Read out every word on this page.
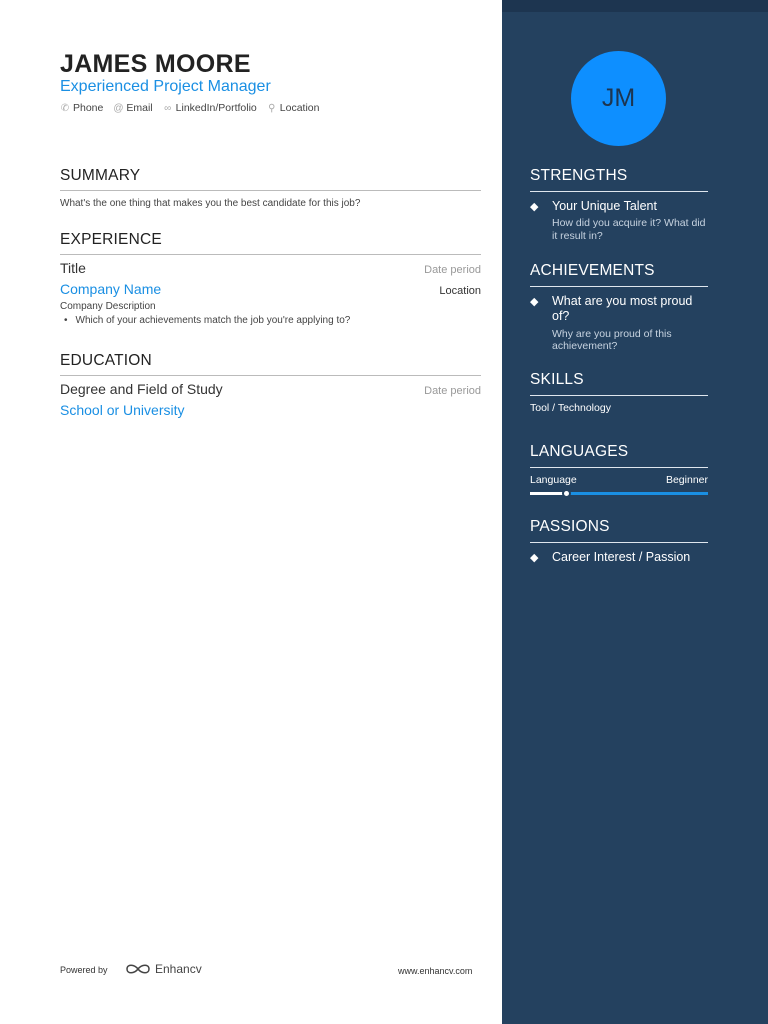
JAMES MOORE
Experienced Project Manager
✆ Phone @ Email ∞ LinkedIn/Portfolio ⚲ Location
SUMMARY
What's the one thing that makes you the best candidate for this job?
EXPERIENCE
Title	Date period
Company Name	Location
Company Description
• Which of your achievements match the job you're applying to?
EDUCATION
Degree and Field of Study	Date period
School or University
Powered by	Enhancv	www.enhancv.com
JM
STRENGTHS
◆	Your Unique Talent
How did you acquire it? What did it result in?
ACHIEVEMENTS
◆	What are you most proud of?
Why are you proud of this achievement?
SKILLS
Tool / Technology
LANGUAGES
Language	Beginner
PASSIONS
◆	Career Interest / Passion
